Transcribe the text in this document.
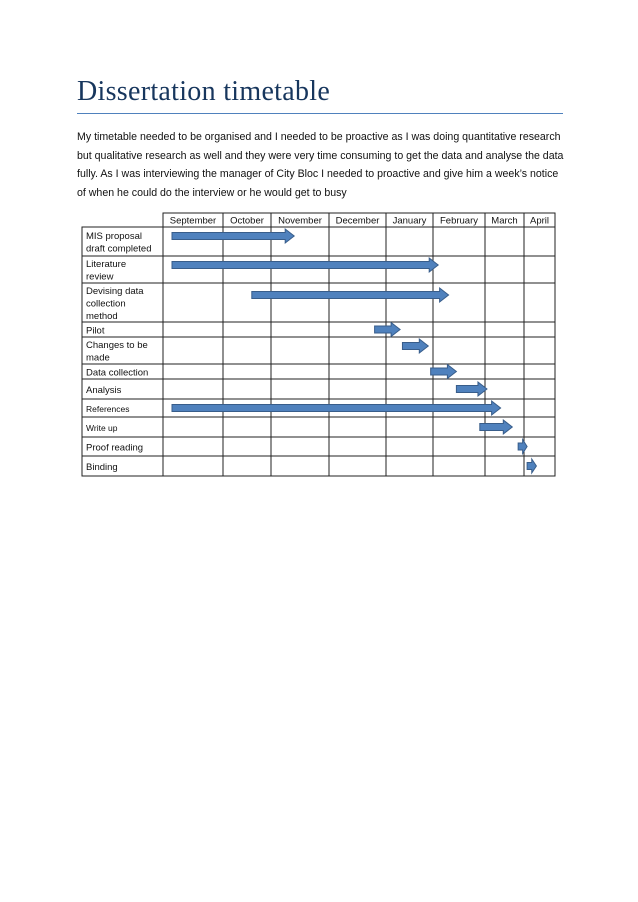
Dissertation timetable
My timetable needed to be organised and I needed to be proactive as I was doing quantitative research but qualitative research as well and they were very time consuming to get the data and analyse the data fully. As I was interviewing the manager of City Bloc I needed to proactive and give him a week’s notice of when he could do the interview or he would get to busy
September October November December January February March April
MIS proposal
draft completed
Literature
review
Devising data
collection
method
Pilot
Changes to be
made
Data collection
Analysis
References
Write up
Proof reading
Binding
